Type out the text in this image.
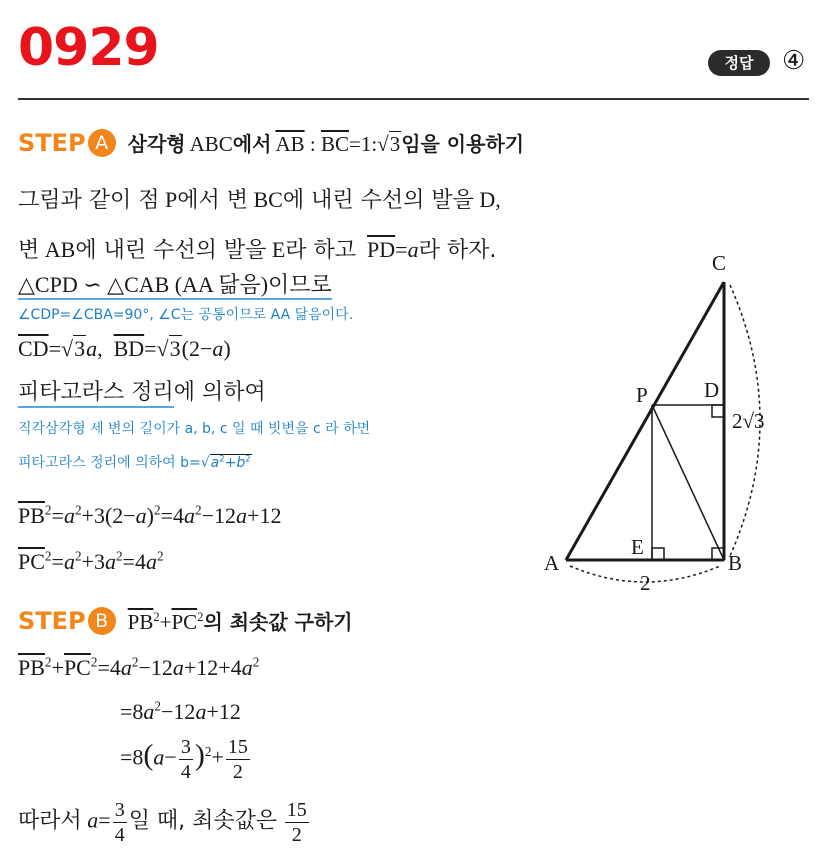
0929	정답	④
STEP A 삼각형 ABC에서 $\overline{AB}$ : $\overline{BC}=1:√3$임을 이용하기
그림과 같이 점 P에서 변 BC에 내린 수선의 발을 D,
변 AB에 내린 수선의 발을 E라 하고 $\overline{PD}=a$라 하자.
△CPD ∽ △CAB (AA 닮음)이므로
∠CDP=∠CBA=90°, ∠C는 공통이므로 AA 닮음이다.
$\overline{CD}=√3a$,  $\overline{BD}=√3(2-a)$
피타고라스 정리에 의하여
직각삼각형 세 변의 길이가 a, b, c 일 때 빗변을 c 라 하면
피타고라스 정리에 의하여 $b=√a^2+b^2$
$\overline{PB}^2=a^2+3(2-a)^2=4a^2-12a+12$
$\overline{PC}^2=a^2+3a^2=4a^2$
STEP B $\overline{PB}^2+\overline{PC}^2$의 최솟값 구하기
$\overline{PB}^2+\overline{PC}^2=4a^2-12a+12+4a^2$
$=8a^2-12a+12$
$=8(a- \frac{3}{4} )^2+ \frac{15}{2}$
따라서 $a= \frac{3}{4}$ 일 때, 최솟값은 $\frac{15}{2}$
C
P	D
E
A	B
2
2√3
